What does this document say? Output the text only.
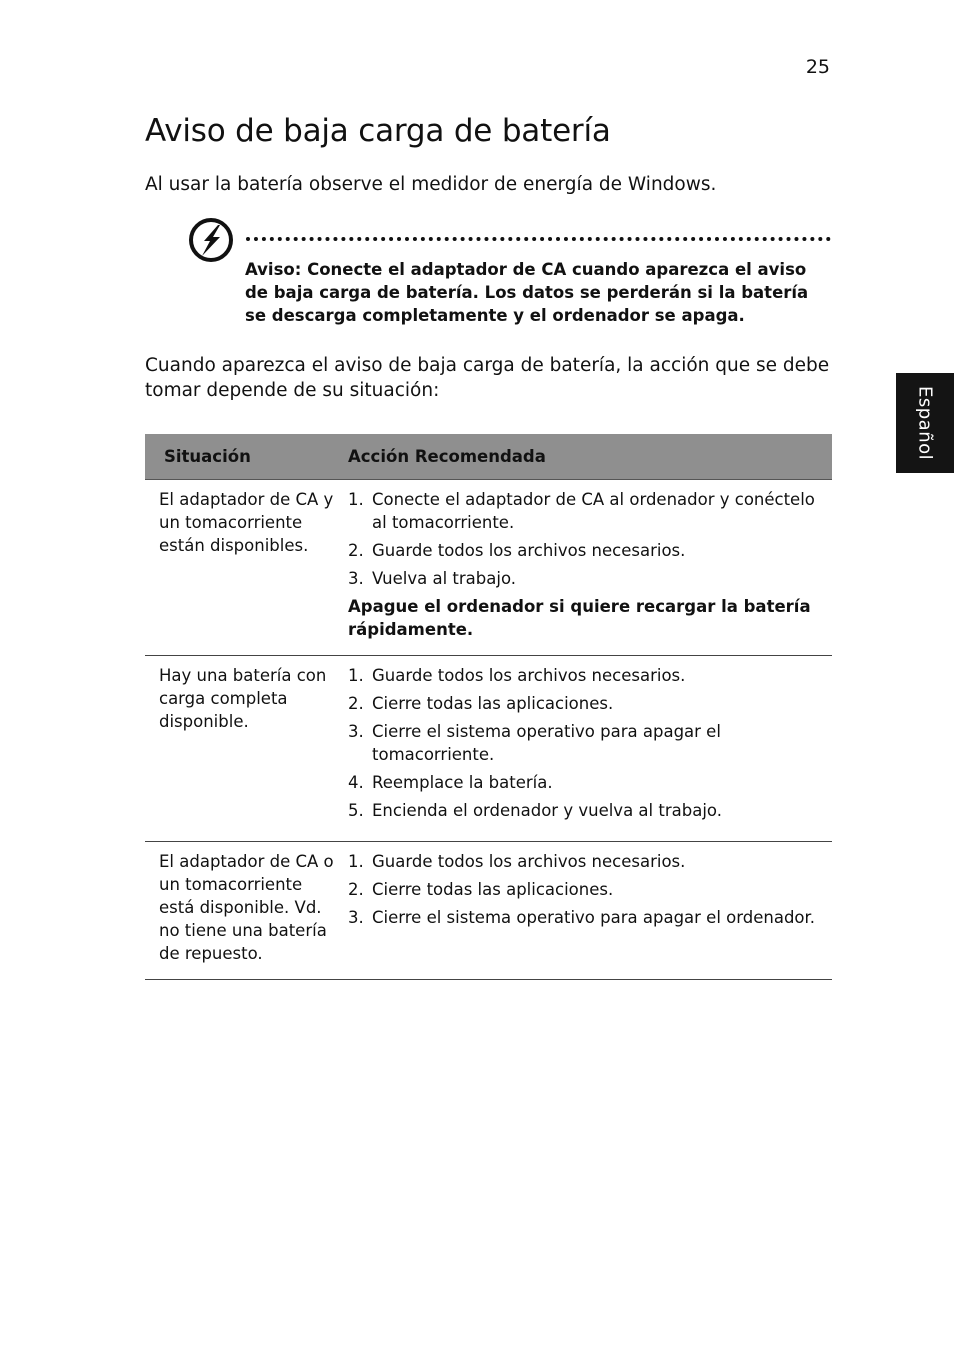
25
Español
Aviso de baja carga de batería
Al usar la batería observe el medidor de energía de Windows.
Aviso: Conecte el adaptador de CA cuando aparezca el aviso de baja carga de batería. Los datos se perderán si la batería se descarga completamente y el ordenador se apaga.
Cuando aparezca el aviso de baja carga de batería, la acción que se debe tomar depende de su situación:
Situación	Acción Recomendada
El adaptador de CA y un tomacorriente están disponibles.
1. Conecte el adaptador de CA al ordenador y conéctelo al tomacorriente.
2. Guarde todos los archivos necesarios.
3. Vuelva al trabajo.
Apague el ordenador si quiere recargar la batería rápidamente.
Hay una batería con carga completa disponible.
1. Guarde todos los archivos necesarios.
2. Cierre todas las aplicaciones.
3. Cierre el sistema operativo para apagar el tomacorriente.
4. Reemplace la batería.
5. Encienda el ordenador y vuelva al trabajo.
El adaptador de CA o un tomacorriente está disponible. Vd. no tiene una batería de repuesto.
1. Guarde todos los archivos necesarios.
2. Cierre todas las aplicaciones.
3. Cierre el sistema operativo para apagar el ordenador.
